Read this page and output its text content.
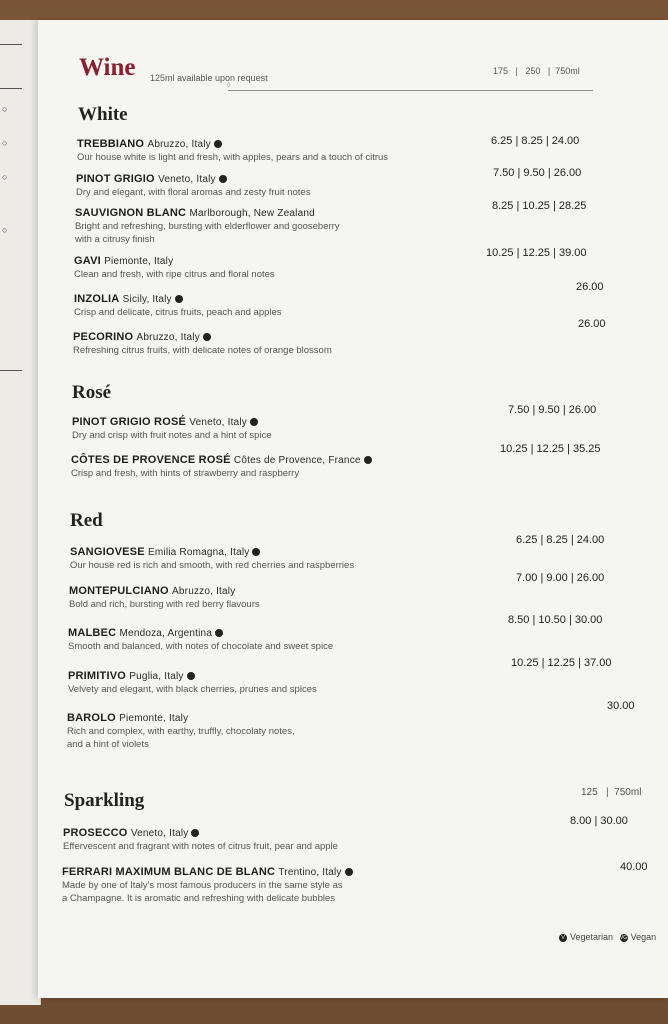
○
○
○
○
Wine 125ml available upon request
175   |   250   |  750ml
◊
White
TREBBIANO Abruzzo, Italy
Our house white is light and fresh, with apples, pears and a touch of citrus
6.25 | 8.25 | 24.00
PINOT GRIGIO Veneto, Italy
Dry and elegant, with floral aromas and zesty fruit notes
7.50 | 9.50 | 26.00
SAUVIGNON BLANC Marlborough, New Zealand
Bright and refreshing, bursting with elderflower and gooseberry
with a citrusy finish
8.25 | 10.25 | 28.25
GAVI Piemonte, Italy
Clean and fresh, with ripe citrus and floral notes
10.25 | 12.25 | 39.00
INZOLIA Sicily, Italy
Crisp and delicate, citrus fruits, peach and apples
26.00
PECORINO Abruzzo, Italy
Refreshing citrus fruits, with delicate notes of orange blossom
26.00
Rosé
PINOT GRIGIO ROSÉ Veneto, Italy
Dry and crisp with fruit notes and a hint of spice
7.50 | 9.50 | 26.00
CÔTES DE PROVENCE ROSÉ Côtes de Provence, France
Crisp and fresh, with hints of strawberry and raspberry
10.25 | 12.25 | 35.25
Red
SANGIOVESE Emilia Romagna, Italy
Our house red is rich and smooth, with red cherries and raspberries
6.25 | 8.25 | 24.00
MONTEPULCIANO Abruzzo, Italy
Bold and rich, bursting with red berry flavours
7.00 | 9.00 | 26.00
MALBEC Mendoza, Argentina
Smooth and balanced, with notes of chocolate and sweet spice
8.50 | 10.50 | 30.00
PRIMITIVO Puglia, Italy
Velvety and elegant, with black cherries, prunes and spices
10.25 | 12.25 | 37.00
BAROLO Piemonte, Italy
Rich and complex, with earthy, truffly, chocolaty notes,
and a hint of violets
30.00
Sparkling	125   |  750ml
PROSECCO Veneto, Italy
Effervescent and fragrant with notes of citrus fruit, pear and apple
8.00 | 30.00
FERRARI MAXIMUM BLANC DE BLANC Trentino, Italy
Made by one of Italy's most famous producers in the same style as
a Champagne. It is aromatic and refreshing with delicate bubbles
40.00
V Vegetarian VG Vegan
